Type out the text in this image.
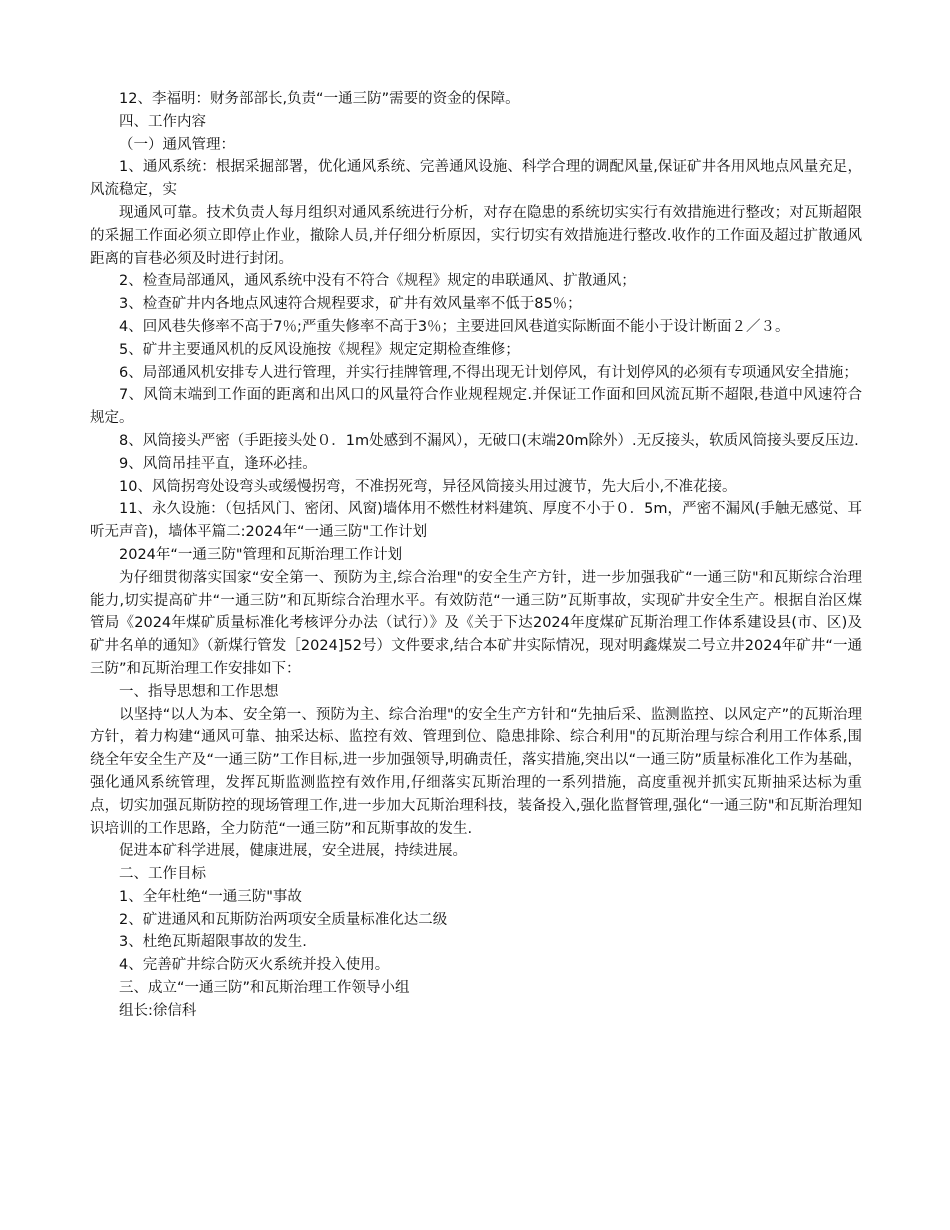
12、李福明：财务部部长,负责“一通三防”需要的资金的保障。

四、工作内容

（一）通风管理：

1、通风系统：根据采掘部署，优化通风系统、完善通风设施、科学合理的调配风量,保证矿井各用风地点风量充足，风流稳定，实

现通风可靠。技术负责人每月组织对通风系统进行分析，对存在隐患的系统切实实行有效措施进行整改；对瓦斯超限的采掘工作面必须立即停止作业，撤除人员,并仔细分析原因，实行切实有效措施进行整改.收作的工作面及超过扩散通风距离的盲巷必须及时进行封闭。

2、检查局部通风，通风系统中没有不符合《规程》规定的串联通风、扩散通风；

3、检查矿井内各地点风速符合规程要求，矿井有效风量率不低于85％；

4、回风巷失修率不高于7％;严重失修率不高于3％；主要进回风巷道实际断面不能小于设计断面２／３。

5、矿井主要通风机的反风设施按《规程》规定定期检查维修；

6、局部通风机安排专人进行管理，并实行挂牌管理,不得出现无计划停风，有计划停风的必须有专项通风安全措施；

7、风筒末端到工作面的距离和出风口的风量符合作业规程规定.并保证工作面和回风流瓦斯不超限,巷道中风速符合规定。

8、风筒接头严密（手距接头处０．1m处感到不漏风），无破口(末端20m除外）.无反接头，软质风筒接头要反压边.

9、风筒吊挂平直，逢环必挂。

10、风筒拐弯处设弯头或缓慢拐弯，不准拐死弯，异径风筒接头用过渡节，先大后小,不准花接。

11、永久设施：（包括风门、密闭、风窗)墙体用不燃性材料建筑、厚度不小于０．5m，严密不漏风(手触无感觉、耳听无声音)，墙体平篇二:2024年“一通三防"工作计划

2024年“一通三防"管理和瓦斯治理工作计划

为仔细贯彻落实国家“安全第一、预防为主,综合治理"的安全生产方针，进一步加强我矿“一通三防"和瓦斯综合治理能力,切实提高矿井“一通三防”和瓦斯综合治理水平。有效防范“一通三防”瓦斯事故，实现矿井安全生产。根据自治区煤管局《2024年煤矿质量标准化考核评分办法（试行）》及《关于下达2024年度煤矿瓦斯治理工作体系建设县(市、区)及矿井名单的通知》（新煤行管发［2024]52号）文件要求,结合本矿井实际情况，现对明鑫煤炭二号立井2024年矿井“一通三防”和瓦斯治理工作安排如下：

一、指导思想和工作思想

以坚持“以人为本、安全第一、预防为主、综合治理"的安全生产方针和“先抽后采、监测监控、以风定产”的瓦斯治理方针，着力构建“通风可靠、抽采达标、监控有效、管理到位、隐患排除、综合利用"的瓦斯治理与综合利用工作体系,围绕全年安全生产及“一通三防”工作目标,进一步加强领导,明确责任，落实措施,突出以“一通三防”质量标准化工作为基础，强化通风系统管理，发挥瓦斯监测监控有效作用,仔细落实瓦斯治理的一系列措施，高度重视并抓实瓦斯抽采达标为重点，切实加强瓦斯防控的现场管理工作,进一步加大瓦斯治理科技，装备投入,强化监督管理,强化“一通三防"和瓦斯治理知识培训的工作思路，全力防范“一通三防”和瓦斯事故的发生.

促进本矿科学进展，健康进展，安全进展，持续进展。

二、工作目标

1、全年杜绝“一通三防"事故

2、矿进通风和瓦斯防治两项安全质量标准化达二级

3、杜绝瓦斯超限事故的发生.

4、完善矿井综合防灭火系统并投入使用。

三、成立“一通三防”和瓦斯治理工作领导小组

组长:徐信科
